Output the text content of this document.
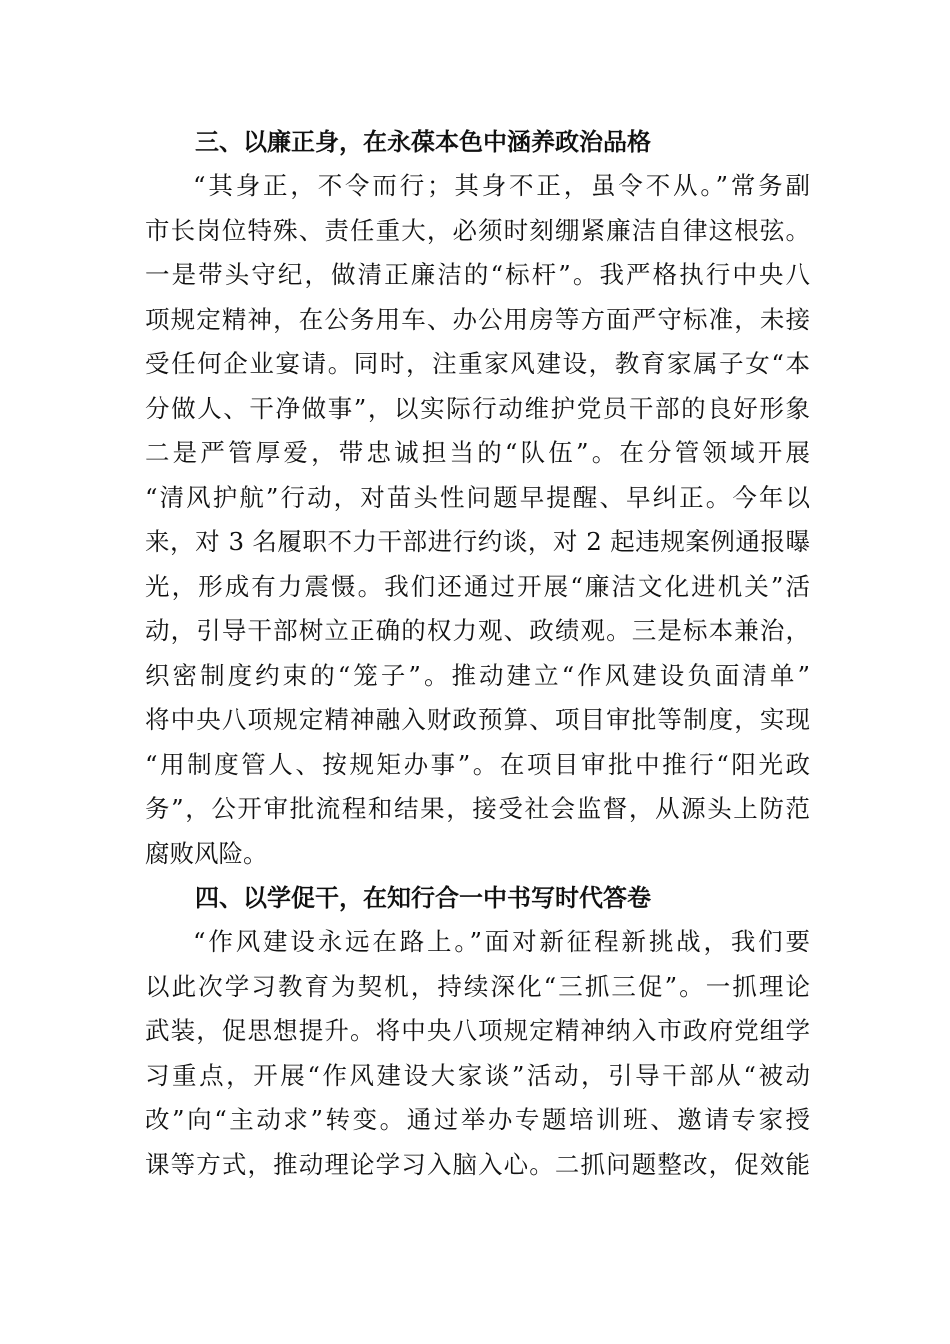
三、以廉正身，在永葆本色中涵养政治品格
“其身正，不令而行；其身不正，虽令不从。”常务副
市长岗位特殊、责任重大，必须时刻绷紧廉洁自律这根弦。
一是带头守纪，做清正廉洁的“标杆”。我严格执行中央八
项规定精神，在公务用车、办公用房等方面严守标准，未接
受任何企业宴请。同时，注重家风建设，教育家属子女“本
分做人、干净做事”，以实际行动维护党员干部的良好形象
二是严管厚爱，带忠诚担当的“队伍”。在分管领域开展
“清风护航”行动，对苗头性问题早提醒、早纠正。今年以
来，对 3 名履职不力干部进行约谈，对 2 起违规案例通报曝
光，形成有力震慑。我们还通过开展“廉洁文化进机关”活
动，引导干部树立正确的权力观、政绩观。三是标本兼治，
织密制度约束的“笼子”。推动建立“作风建设负面清单”
将中央八项规定精神融入财政预算、项目审批等制度，实现
“用制度管人、按规矩办事”。在项目审批中推行“阳光政
务”，公开审批流程和结果，接受社会监督，从源头上防范
腐败风险。
四、以学促干，在知行合一中书写时代答卷
“作风建设永远在路上。”面对新征程新挑战，我们要
以此次学习教育为契机，持续深化“三抓三促”。一抓理论
武装，促思想提升。将中央八项规定精神纳入市政府党组学
习重点，开展“作风建设大家谈”活动，引导干部从“被动
改”向“主动求”转变。通过举办专题培训班、邀请专家授
课等方式，推动理论学习入脑入心。二抓问题整改，促效能
